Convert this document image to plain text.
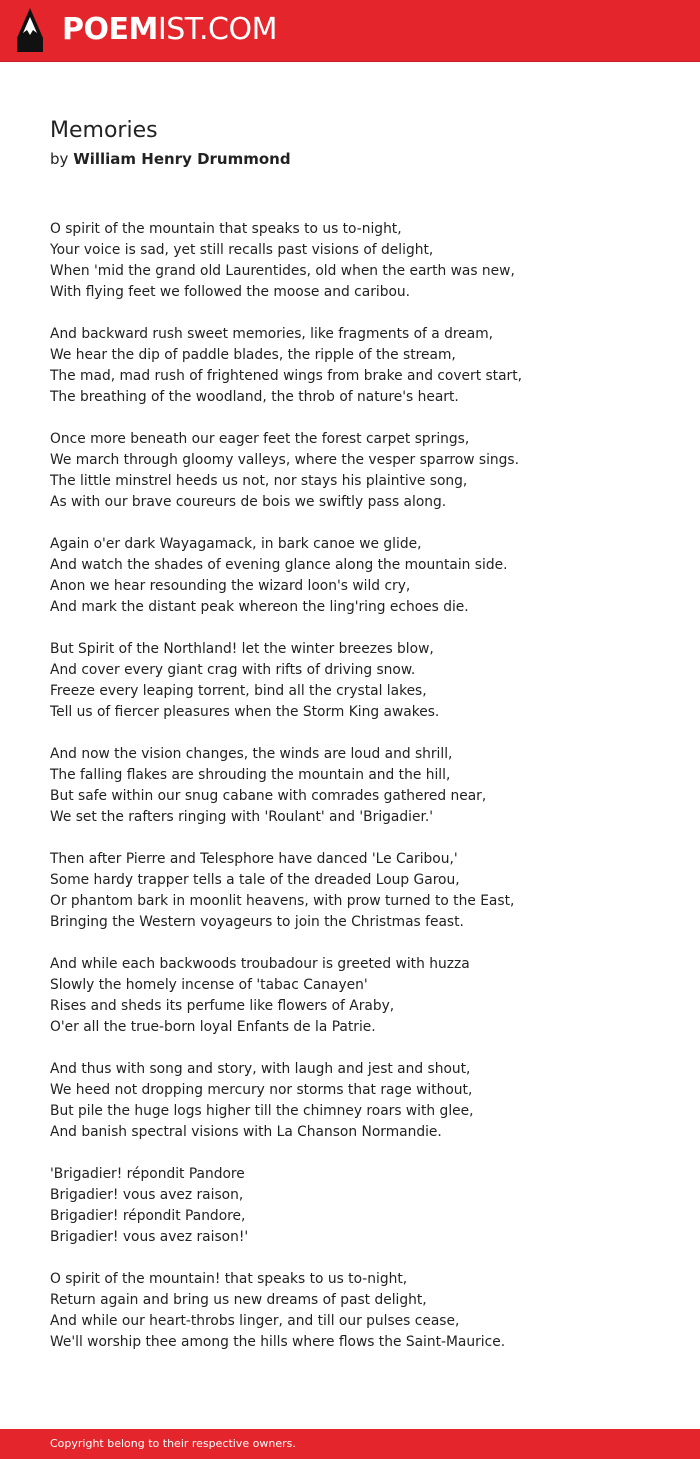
POEMIST.COM
Memories
by William Henry Drummond

O spirit of the mountain that speaks to us to-night,
Your voice is sad, yet still recalls past visions of delight,
When 'mid the grand old Laurentides, old when the earth was new,
With flying feet we followed the moose and caribou.

And backward rush sweet memories, like fragments of a dream,
We hear the dip of paddle blades, the ripple of the stream,
The mad, mad rush of frightened wings from brake and covert start,
The breathing of the woodland, the throb of nature's heart.

Once more beneath our eager feet the forest carpet springs,
We march through gloomy valleys, where the vesper sparrow sings.
The little minstrel heeds us not, nor stays his plaintive song,
As with our brave coureurs de bois we swiftly pass along.

Again o'er dark Wayagamack, in bark canoe we glide,
And watch the shades of evening glance along the mountain side.
Anon we hear resounding the wizard loon's wild cry,
And mark the distant peak whereon the ling'ring echoes die.

But Spirit of the Northland! let the winter breezes blow,
And cover every giant crag with rifts of driving snow.
Freeze every leaping torrent, bind all the crystal lakes,
Tell us of fiercer pleasures when the Storm King awakes.

And now the vision changes, the winds are loud and shrill,
The falling flakes are shrouding the mountain and the hill,
But safe within our snug cabane with comrades gathered near,
We set the rafters ringing with 'Roulant' and 'Brigadier.'

Then after Pierre and Telesphore have danced 'Le Caribou,'
Some hardy trapper tells a tale of the dreaded Loup Garou,
Or phantom bark in moonlit heavens, with prow turned to the East,
Bringing the Western voyageurs to join the Christmas feast.

And while each backwoods troubadour is greeted with huzza
Slowly the homely incense of 'tabac Canayen'
Rises and sheds its perfume like flowers of Araby,
O'er all the true-born loyal Enfants de la Patrie.

And thus with song and story, with laugh and jest and shout,
We heed not dropping mercury nor storms that rage without,
But pile the huge logs higher till the chimney roars with glee,
And banish spectral visions with La Chanson Normandie.

'Brigadier! répondit Pandore
Brigadier! vous avez raison,
Brigadier! répondit Pandore,
Brigadier! vous avez raison!'

O spirit of the mountain! that speaks to us to-night,
Return again and bring us new dreams of past delight,
And while our heart-throbs linger, and till our pulses cease,
We'll worship thee among the hills where flows the Saint-Maurice.

Copyright belong to their respective owners.
